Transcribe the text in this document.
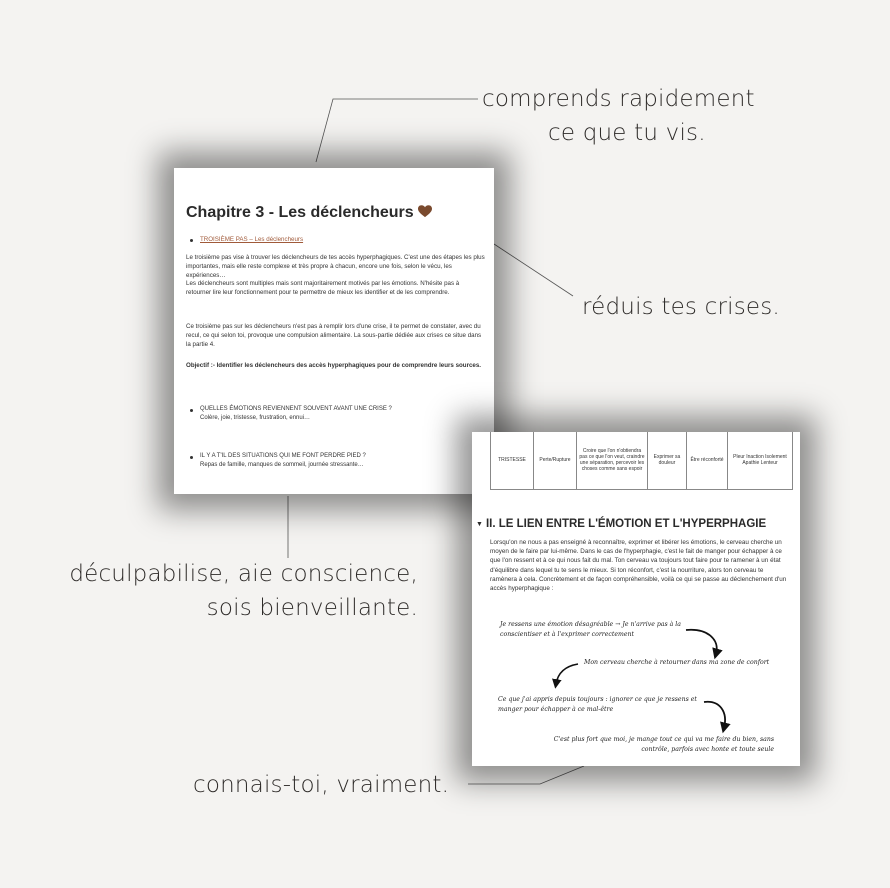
comprends rapidement
ce que tu vis.
réduis tes crises.
déculpabilise, aie conscience,
sois bienveillante.
connais-toi, vraiment.
Chapitre 3 - Les déclencheurs
TROISIÈME PAS – Les déclencheurs
Le troisième pas vise à trouver les déclencheurs de tes accès hyperphagiques. C'est une des étapes les plus importantes, mais elle reste complexe et très propre à chacun, encore une fois, selon le vécu, les expériences…
Les déclencheurs sont multiples mais sont majoritairement motivés par les émotions. N'hésite pas à retourner lire leur fonctionnement pour te permettre de mieux les identifier et de les comprendre.
Ce troisième pas sur les déclencheurs n'est pas à remplir lors d'une crise, il te permet de constater, avec du recul, ce qui selon toi, provoque une compulsion alimentaire. La sous-partie dédiée aux crises ce situe dans la partie 4.
Objectif :- Identifier les déclencheurs des accès hyperphagiques pour de comprendre leurs sources.
QUELLES ÉMOTIONS REVIENNENT SOUVENT AVANT UNE CRISE ?
Colère, joie, tristesse, frustration, ennui…
IL Y A T'IL DES SITUATIONS QUI ME FONT PERDRE PIED ?
Repas de famille, manques de sommeil, journée stressante…
TRISTESSE	Perte/Rupture	Croire que l'on n'obtiendra pas ce que l'on veut, craindre une séparation, percevoir les choses comme sans espoir	Exprimer sa douleur	Être réconforté	Pleur Inaction Isolement Apathie Lenteur
▼ II. LE LIEN ENTRE L'ÉMOTION ET L'HYPERPHAGIE
Lorsqu'on ne nous a pas enseigné à reconnaître, exprimer et libérer les émotions, le cerveau cherche un moyen de le faire par lui-même. Dans le cas de l'hyperphagie, c'est le fait de manger pour échapper à ce que l'on ressent et à ce qui nous fait du mal. Ton cerveau va toujours tout faire pour te ramener à un état d'équilibre dans lequel tu te sens le mieux. Si ton réconfort, c'est la nourriture, alors ton cerveau te ramènera à cela. Concrètement et de façon compréhensible, voilà ce qui se passe au déclenchement d'un accès hyperphagique :
Je ressens une émotion désagréable → Je n'arrive pas à la
conscientiser et à l'exprimer correctement
Mon cerveau cherche à retourner dans ma zone de confort
Ce que j'ai appris depuis toujours : ignorer ce que je ressens et
manger pour échapper à ce mal-être
C'est plus fort que moi, je mange tout ce qui va me faire du bien, sans
contrôle, parfois avec honte et toute seule
